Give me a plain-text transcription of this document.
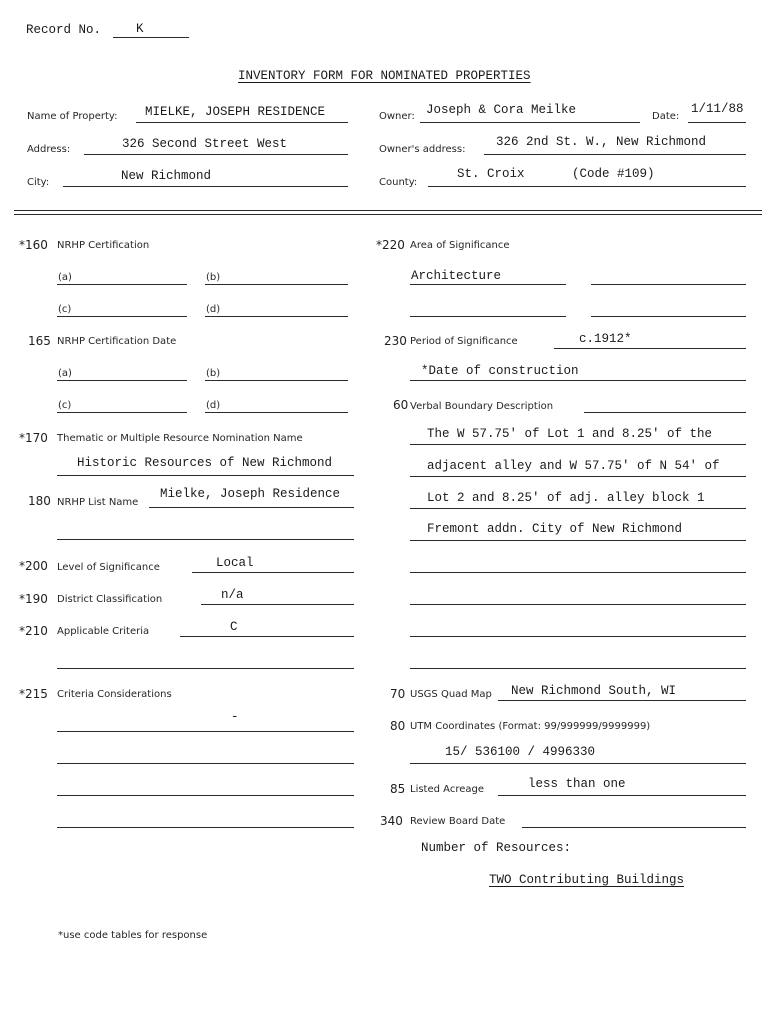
Record No.	K
INVENTORY FORM FOR NOMINATED PROPERTIES
Name of Property: MIELKE, JOSEPH RESIDENCE
Address:	326 Second Street West
City:	New Richmond
Owner: Joseph & Cora Meilke	Date:
1/11/88
Owner's address:
326 2nd St. W., New Richmond
County:
St. Croix	(Code #109)
*160 NRHP Certification
(a)	(b)
(c)	(d)
165 NRHP Certification Date
(a)	(b)
(c)	(d)
*170 Thematic or Multiple Resource Nomination Name
Historic Resources of New Richmond
180 NRHP List Name
Mielke, Joseph Residence
*200 Level of Significance	Local
*190 District Classification	n/a
*210 Applicable Criteria	C
*215 Criteria Considerations
-
*220 Area of Significance
Architecture
230 Period of Significance	c.1912*
*Date of construction
60 Verbal Boundary Description
The W 57.75' of Lot 1 and 8.25' of the
adjacent alley and W 57.75' of N 54' of
Lot 2 and 8.25' of adj. alley block 1
Fremont addn. City of New Richmond
70 USGS Quad Map New Richmond South, WI
80 UTM Coordinates (Format: 99/999999/9999999)
15/ 536100 / 4996330
85 Listed Acreage	less than one
340 Review Board Date
Number of Resources:
TWO Contributing Buildings
*use code tables for response
